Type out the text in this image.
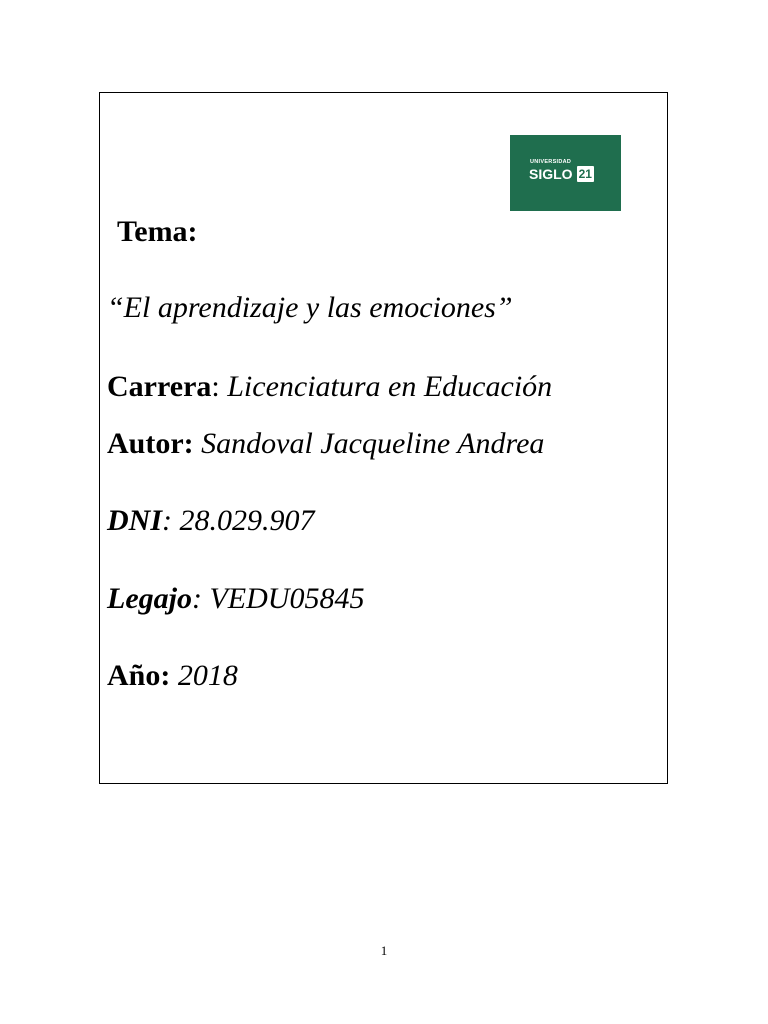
UNIVERSIDAD
SIGLO 21
Tema:
“El aprendizaje y las emociones”
Carrera: Licenciatura en Educación
Autor: Sandoval Jacqueline Andrea
DNI: 28.029.907
Legajo: VEDU05845
Año: 2018
1
